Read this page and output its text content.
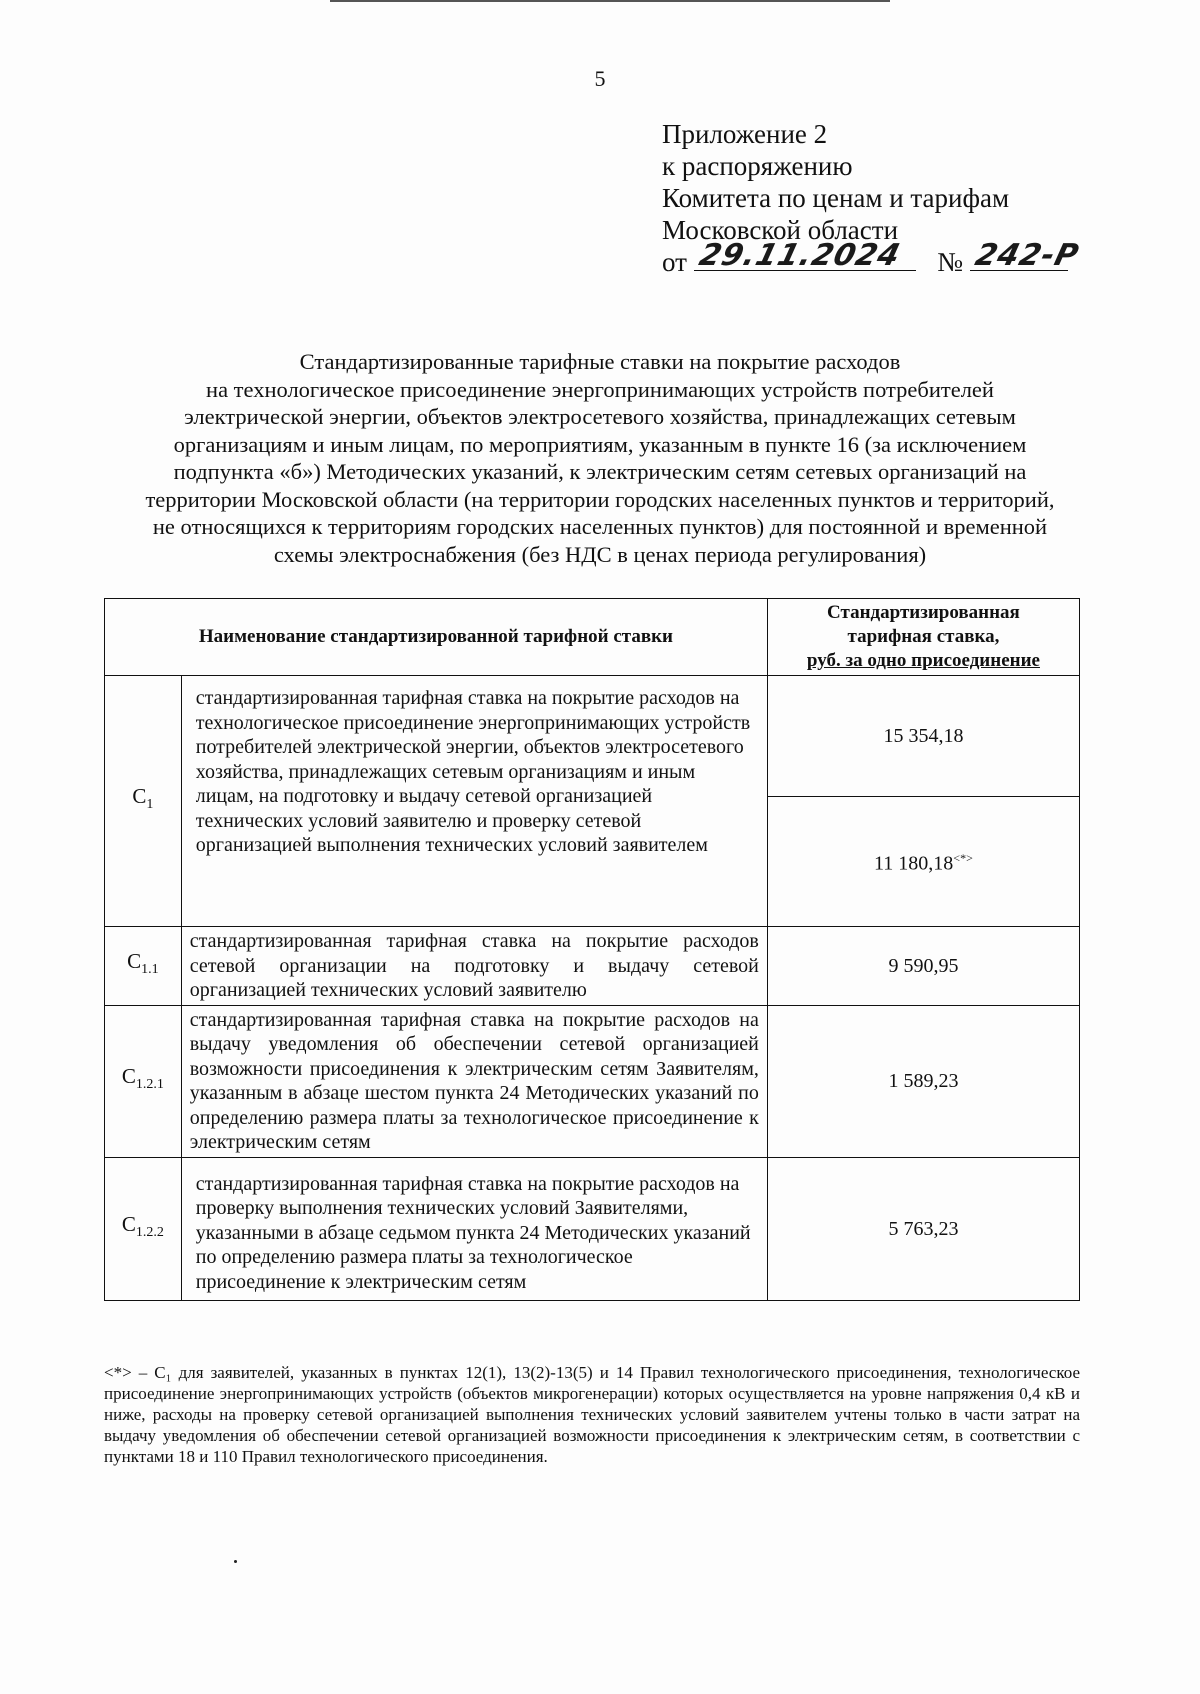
5
Приложение 2
к распоряжению
Комитета по ценам и тарифам
Московской области
от 29.11.2024 № 242-Р
Стандартизированные тарифные ставки на покрытие расходов
на технологическое присоединение энергопринимающих устройств потребителей
электрической энергии, объектов электросетевого хозяйства, принадлежащих сетевым
организациям и иным лицам, по мероприятиям, указанным в пункте 16 (за исключением
подпункта «б») Методических указаний, к электрическим сетям сетевых организаций на
территории Московской области (на территории городских населенных пунктов и территорий,
не относящихся к территориям городских населенных пунктов) для постоянной и временной
схемы электроснабжения (без НДС в ценах периода регулирования)
Наименование стандартизированной тарифной ставки		Стандартизированная
тарифная ставка,
руб. за одно присоединение

$C_1$	стандартизированная тарифная ставка на покрытие расходов на технологическое присоединение энергопринимающих устройств потребителей электрической энергии, объектов электросетевого хозяйства, принадлежащих сетевым организациям и иным лицам, на подготовку и выдачу сетевой организацией технических условий заявителю и проверку сетевой организацией выполнения технических условий заявителем	15 354,18
		11 180,18<*>
$C_{1.1}$	стандартизированная тарифная ставка на покрытие расходов сетевой организации на подготовку и выдачу сетевой организацией технических условий заявителю	9 590,95
$C_{1.2.1}$	стандартизированная тарифная ставка на покрытие расходов на выдачу уведомления об обеспечении сетевой организацией возможности присоединения к электрическим сетям Заявителям, указанным в абзаце шестом пункта 24 Методических указаний по определению размера платы за технологическое присоединение к электрическим сетям	1 589,23
$C_{1.2.2}$	стандартизированная тарифная ставка на покрытие расходов на проверку выполнения технических условий Заявителями, указанными в абзаце седьмом пункта 24 Методических указаний по определению размера платы за технологическое присоединение к электрическим сетям	5 763,23
<*> – C₁ для заявителей, указанных в пунктах 12(1), 13(2)-13(5) и 14 Правил технологического присоединения, технологическое присоединение энергопринимающих устройств (объектов микрогенерации) которых осуществляется на уровне напряжения 0,4 кВ и ниже, расходы на проверку сетевой организацией выполнения технических условий заявителем учтены только в части затрат на выдачу уведомления об обеспечении сетевой организацией возможности присоединения к электрическим сетям, в соответствии с пунктами 18 и 110 Правил технологического присоединения.
